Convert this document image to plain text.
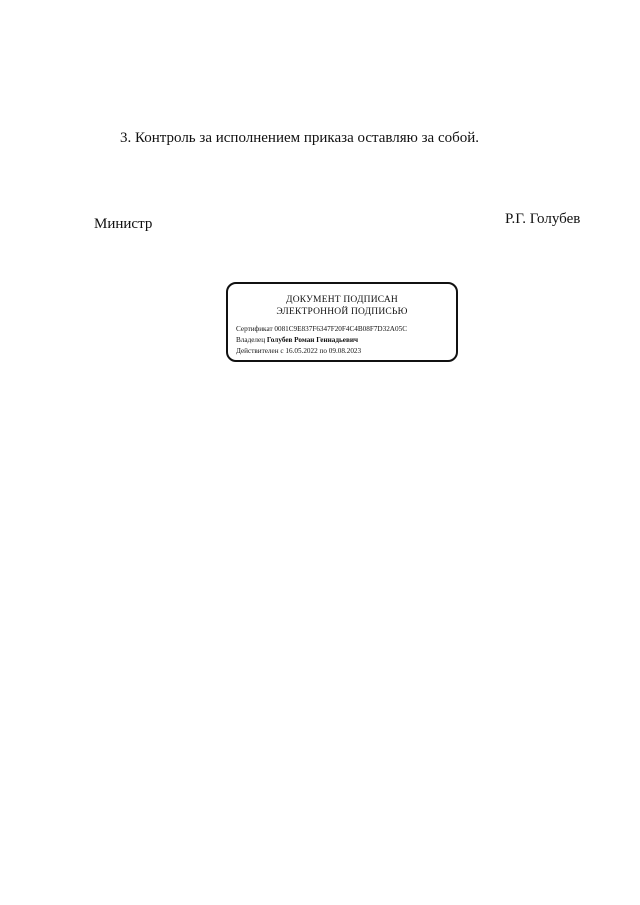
3. Контроль за исполнением приказа оставляю за собой.
Министр	Р.Г. Голубев
ДОКУМЕНТ ПОДПИСАН
ЭЛЕКТРОННОЙ ПОДПИСЬЮ
Сертификат 0081C9E837F6347F20F4C4B08F7D32A05C
Владелец Голубев Роман Геннадьевич
Действителен с 16.05.2022 по 09.08.2023
